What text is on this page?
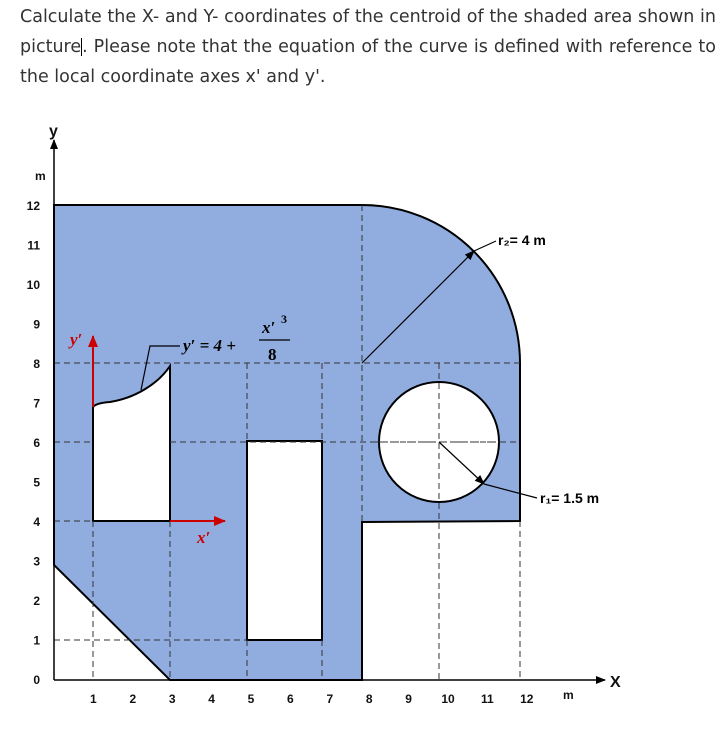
Calculate the X- and Y- coordinates of the centroid of the shaded area shown in picture. Please note that the equation of the curve is defined with reference to the local coordinate axes x' and y'.
1	2	3	4	5	6	7	8	9 10 11 12
0
1
2
3
4
5
6
7
8
9
10
11
12
y
m
X
m
r₂= 4 m
r₁= 1.5 m
y′ = 4 +
x′ 3
8
y′
x′
